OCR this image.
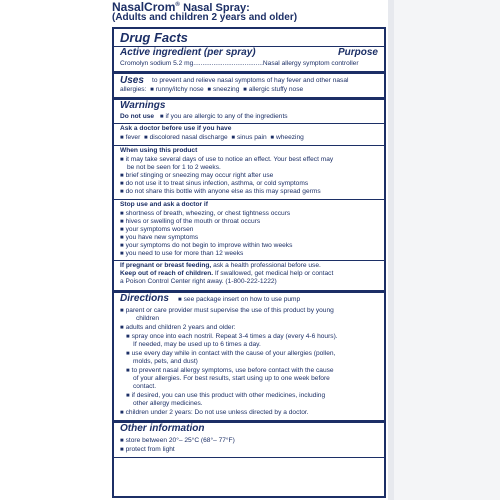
NasalCrom® Nasal Spray:
(Adults and children 2 years and older)
Drug Facts
Active ingredient (per spray)	Purpose
Cromolyn sodium 5.2 mg......................................Nasal allergy symptom controller
Uses to prevent and relieve nasal symptoms of hay fever and other nasal
allergies: ■ runny/itchy nose ■ sneezing ■ allergic stuffy nose
Warnings
Do not use ■ if you are allergic to any of the ingredients
Ask a doctor before use if you have
■ fever ■ discolored nasal discharge ■ sinus pain ■ wheezing
When using this product
■ it may take several days of use to notice an effect. Your best effect may
be not be seen for 1 to 2 weeks.
■ brief stinging or sneezing may occur right after use
■ do not use it to treat sinus infection, asthma, or cold symptoms
■ do not share this bottle with anyone else as this may spread germs
Stop use and ask a doctor if
■ shortness of breath, wheezing, or chest tightness occurs
■ hives or swelling of the mouth or throat occurs
■ your symptoms worsen
■ you have new symptoms
■ your symptoms do not begin to improve within two weeks
■ you need to use for more than 12 weeks
If pregnant or breast feeding, ask a health professional before use.
Keep out of reach of children. If swallowed, get medical help or contact
a Poison Control Center right away. (1-800-222-1222)
Directions	■ see package insert on how to use pump
■ parent or care provider must supervise the use of this product by young
children
■ adults and children 2 years and older:
■ spray once into each nostril. Repeat 3-4 times a day (every 4-6 hours).
If needed, may be used up to 6 times a day.
■ use every day while in contact with the cause of your allergies (pollen,
molds, pets, and dust)
■ to prevent nasal allergy symptoms, use before contact with the cause
of your allergies. For best results, start using up to one week before
contact.
■ if desired, you can use this product with other medicines, including
other allergy medicines.
■ children under 2 years: Do not use unless directed by a doctor.
Other information
■ store between 20°– 25°C (68°– 77°F)
■ protect from light
